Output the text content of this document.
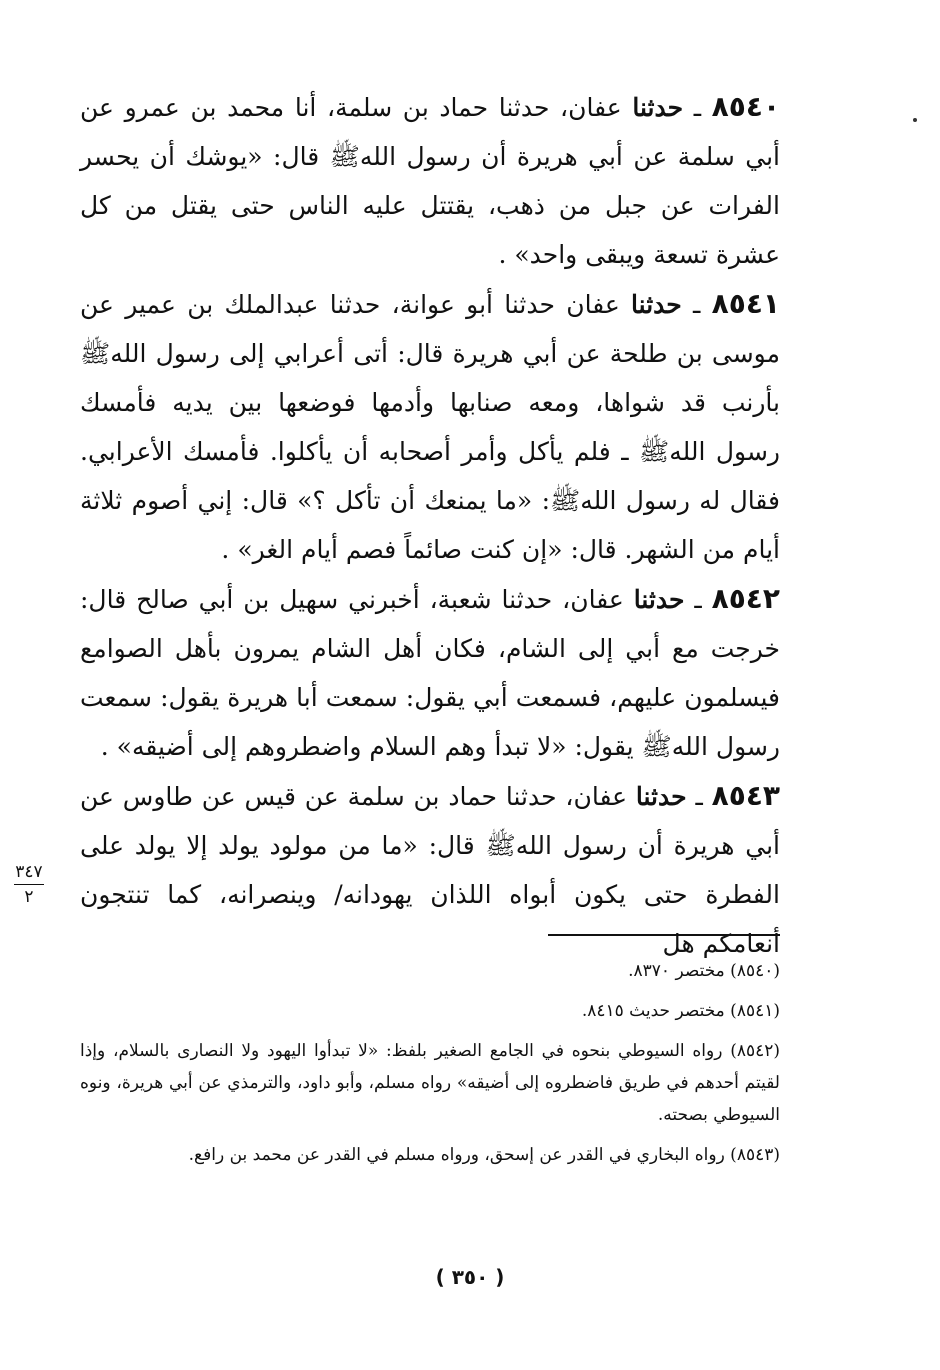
٨٥٤٠ ـ حدثنا عفان، حدثنا حماد بن سلمة، أنا محمد بن عمرو عن أبي سلمة عن أبي هريرة أن رسول اللهﷺ قال: «يوشك أن يحسر الفرات عن جبل من ذهب، يقتتل عليه الناس حتى يقتل من كل عشرة تسعة ويبقى واحد» .

٨٥٤١ ـ حدثنا عفان حدثنا أبو عوانة، حدثنا عبدالملك بن عمير عن موسى بن طلحة عن أبي هريرة قال: أتى أعرابي إلى رسول اللهﷺ بأرنب قد شواها، ومعه صنابها وأدمها فوضعها بين يديه فأمسك رسول اللهﷺ ـ فلم يأكل وأمر أصحابه أن يأكلوا. فأمسك الأعرابي. فقال له رسول اللهﷺ: «ما يمنعك أن تأكل ؟» قال: إني أصوم ثلاثة أيام من الشهر. قال: «إن كنت صائماً فصم أيام الغر» .

٨٥٤٢ ـ حدثنا عفان، حدثنا شعبة، أخبرني سهيل بن أبي صالح قال: خرجت مع أبي إلى الشام، فكان أهل الشام يمرون بأهل الصوامع فيسلمون عليهم، فسمعت أبي يقول: سمعت أبا هريرة يقول: سمعت رسول اللهﷺ يقول: «لا تبدأ وهم السلام واضطروهم إلى أضيقه» .

٨٥٤٣ ـ حدثنا عفان، حدثنا حماد بن سلمة عن قيس عن طاوس عن أبي هريرة أن رسول اللهﷺ قال: «ما من مولود يولد إلا يولد على الفطرة حتى يكون أبواه اللذان يهودانه/ وينصرانه، كما تنتجون أنعامكم هل

٣٤٧
٢

(٨٥٤٠) مختصر ٨٣٧٠.

(٨٥٤١) مختصر حديث ٨٤١٥.

(٨٥٤٢) رواه السيوطي بنحوه في الجامع الصغير بلفظ: «لا تبدأوا اليهود ولا النصارى بالسلام، وإذا لقيتم أحدهم في طريق فاضطروه إلى أضيقه» رواه مسلم، وأبو داود، والترمذي عن أبي هريرة، ونوه السيوطي بصحته.

(٨٥٤٣) رواه البخاري في القدر عن إسحق، ورواه مسلم في القدر عن محمد بن رافع.

( ٣٥٠ )
